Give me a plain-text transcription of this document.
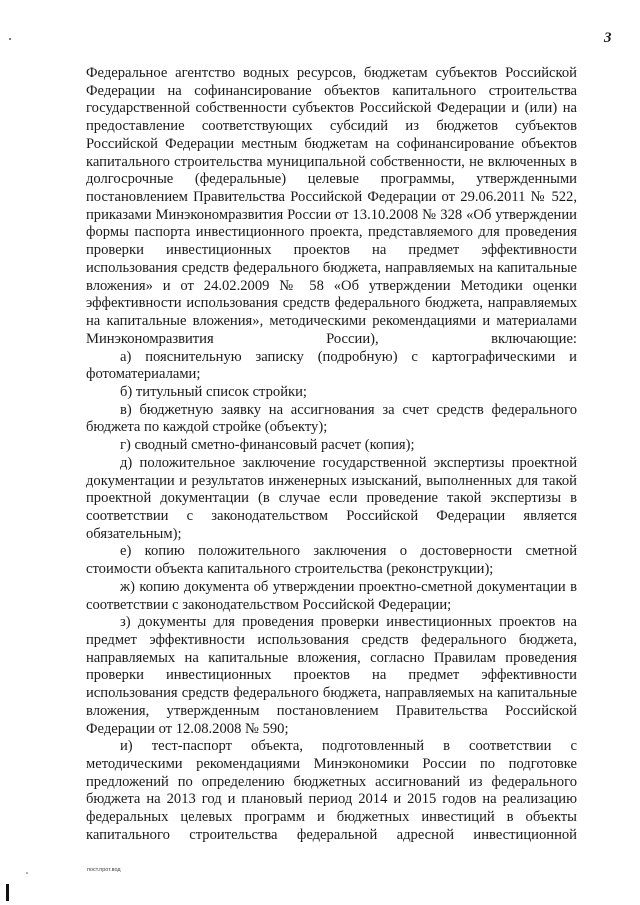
3

Федеральное агентство водных ресурсов, бюджетам субъектов Российской Федерации на софинансирование объектов капитального строительства государственной собственности субъектов Российской Федерации и (или) на предоставление соответствующих субсидий из бюджетов субъектов Российской Федерации местным бюджетам на софинансирование объектов капитального строительства муниципальной собственности, не включенных в долгосрочные (федеральные) целевые программы, утвержденными постановлением Правительства Российской Федерации от 29.06.2011 № 522, приказами Минэкономразвития России от 13.10.2008 № 328 «Об утверждении формы паспорта инвестиционного проекта, представляемого для проведения проверки инвестиционных проектов на предмет эффективности использования средств федерального бюджета, направляемых на капитальные вложения» и от 24.02.2009 № 58 «Об утверждении Методики оценки эффективности использования средств федерального бюджета, направляемых на капитальные вложения», методическими рекомендациями и материалами Минэкономразвития России), включающие:

а) пояснительную записку (подробную) с картографическими и фотоматериалами;

б) титульный список стройки;

в) бюджетную заявку на ассигнования за счет средств федерального бюджета по каждой стройке (объекту);

г) сводный сметно-финансовый расчет (копия);

д) положительное заключение государственной экспертизы проектной документации и результатов инженерных изысканий, выполненных для такой проектной документации (в случае если проведение такой экспертизы в соответствии с законодательством Российской Федерации является обязательным);

е) копию положительного заключения о достоверности сметной стоимости объекта капитального строительства (реконструкции);

ж) копию документа об утверждении проектно-сметной документации в соответствии с законодательством Российской Федерации;

з) документы для проведения проверки инвестиционных проектов на предмет эффективности использования средств федерального бюджета, направляемых на капитальные вложения, согласно Правилам проведения проверки инвестиционных проектов на предмет эффективности использования средств федерального бюджета, направляемых на капитальные вложения, утвержденным постановлением Правительства Российской Федерации от 12.08.2008 № 590;

и) тест-паспорт объекта, подготовленный в соответствии с методическими рекомендациями Минэкономики России по подготовке предложений по определению бюджетных ассигнований из федерального бюджета на 2013 год и плановый период 2014 и 2015 годов на реализацию федеральных целевых программ и бюджетных инвестиций в объекты капитального строительства федеральной адресной инвестиционной

пост.прот.вод
